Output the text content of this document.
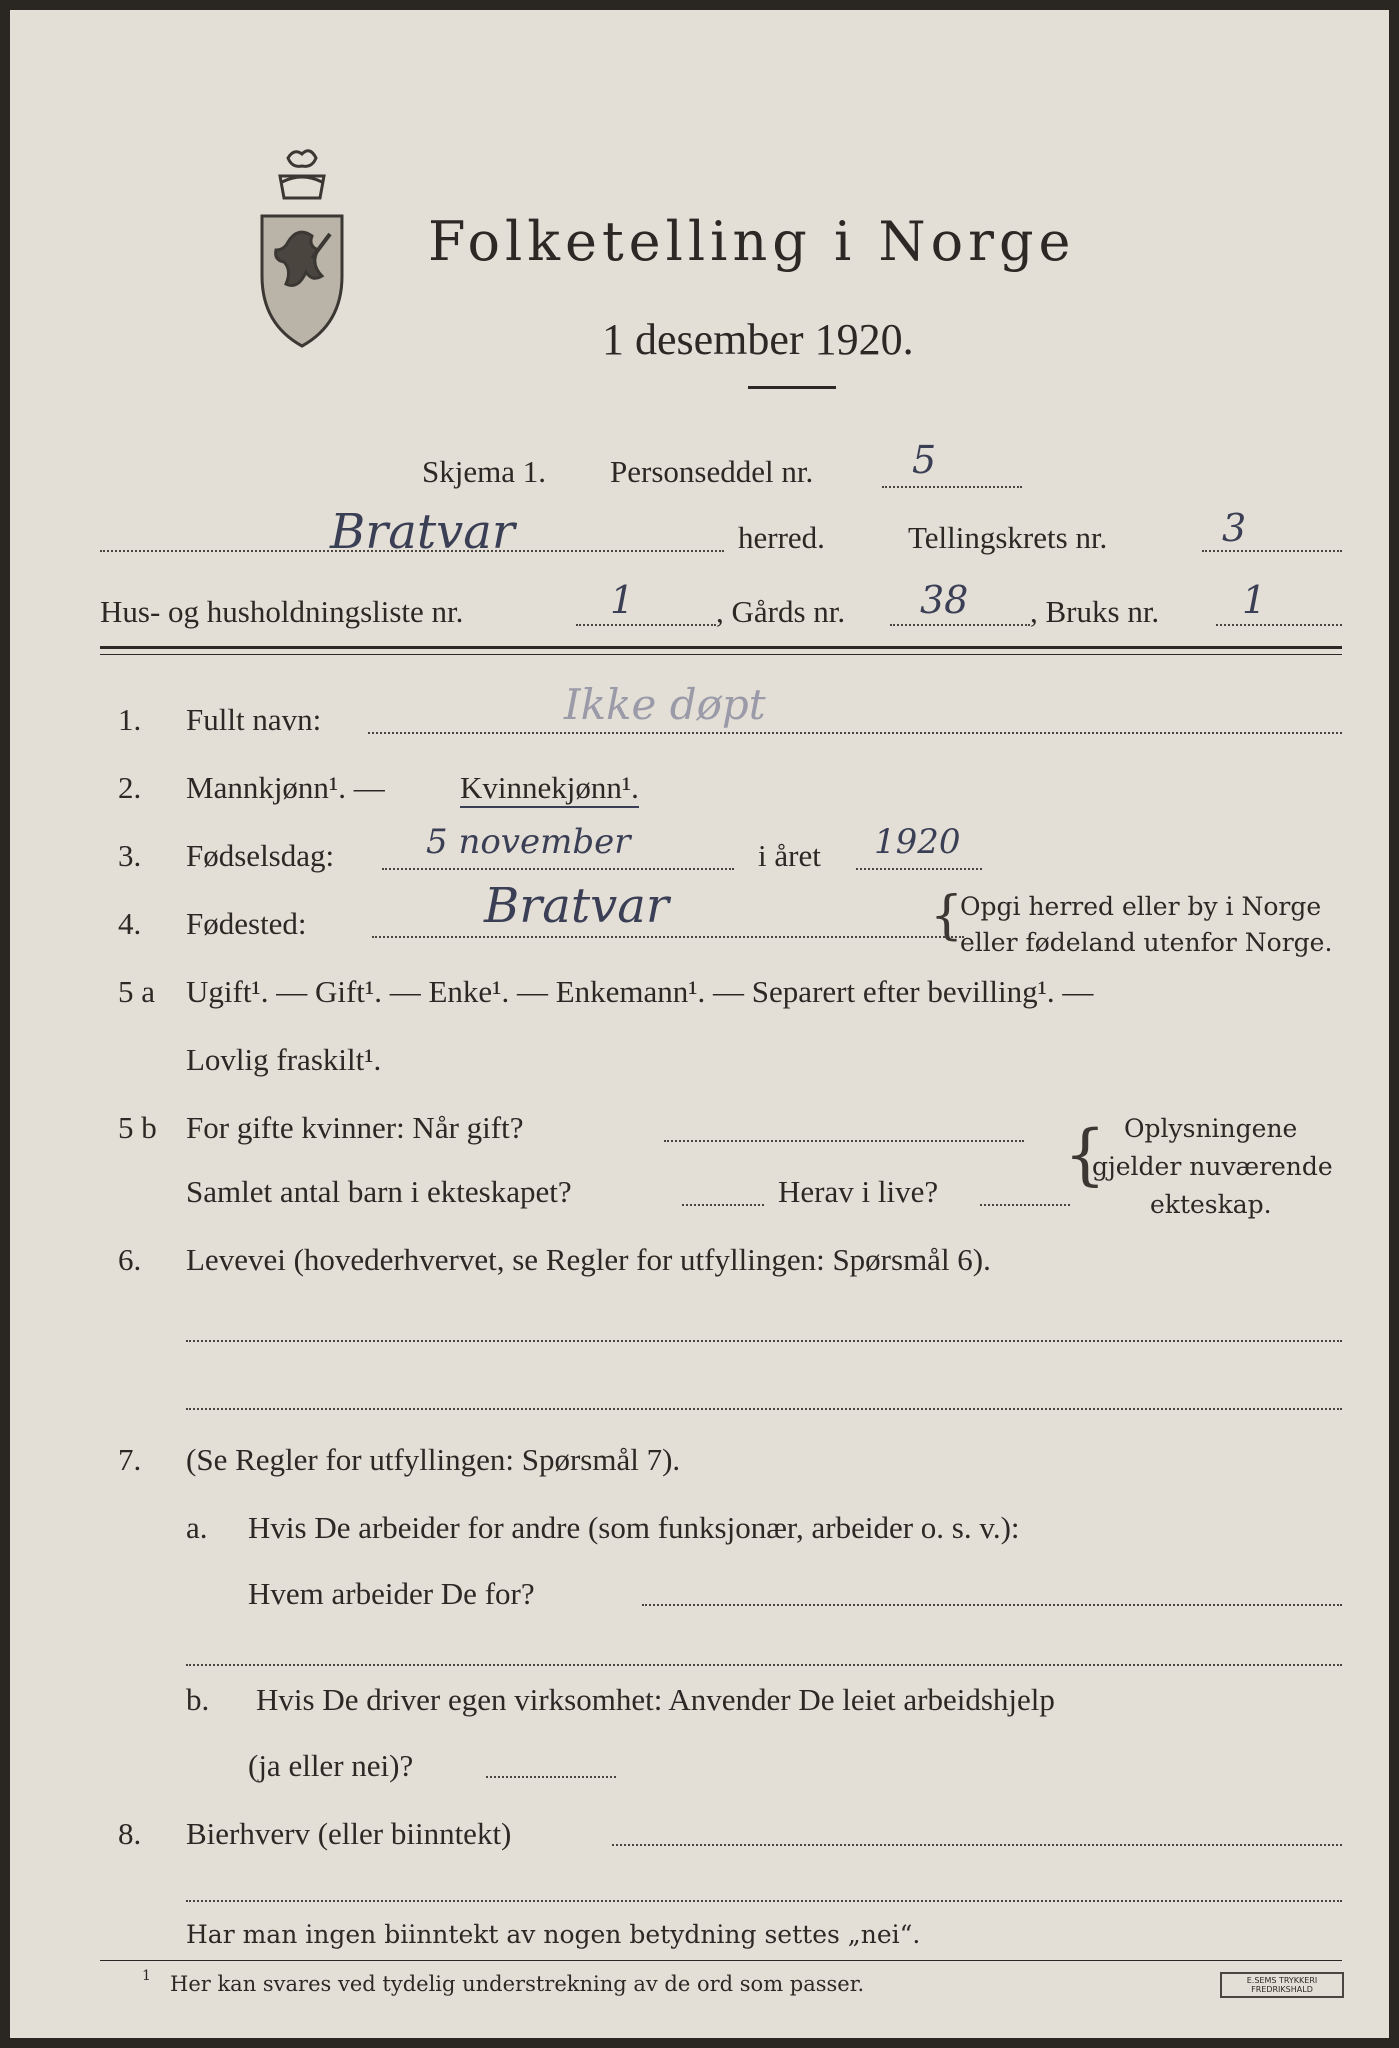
Folketelling i Norge
1 desember 1920.
Skjema 1. Personseddel nr.	5
Bratvar	herred.	Tellingskrets nr.	3
Hus- og husholdningsliste nr.	1	, Gårds nr. 38 , Bruks nr. 1
1. Fullt navn:	Ikke døpt
2. Mannkjønn¹. — Kvinnekjønn¹.
3. Fødselsdag:	5 november	i året 1920
4. Fødested:	Bratvar	{
Opgi herred eller by i Norge
eller fødeland utenfor Norge.
5 a Ugift¹. — Gift¹. — Enke¹. — Enkemann¹. — Separert efter bevilling¹. —
Lovlig fraskilt¹.
5 b For gifte kvinner: Når gift?
Samlet antal barn i ekteskapet?	Herav i live? { Oplysningene
gjelder nuværende
ekteskap.
6. Levevei (hovederhvervet, se Regler for utfyllingen: Spørsmål 6).
7. (Se Regler for utfyllingen: Spørsmål 7).
a. Hvis De arbeider for andre (som funksjonær, arbeider o. s. v.):
Hvem arbeider De for?
b. Hvis De driver egen virksomhet: Anvender De leiet arbeidshjelp
(ja eller nei)?
8. Bierhverv (eller biinntekt)
Har man ingen biinntekt av nogen betydning settes „nei“.
1 Her kan svares ved tydelig understrekning av de ord som passer.	E.SEMS TRYKKERI
FREDRIKSHALD
